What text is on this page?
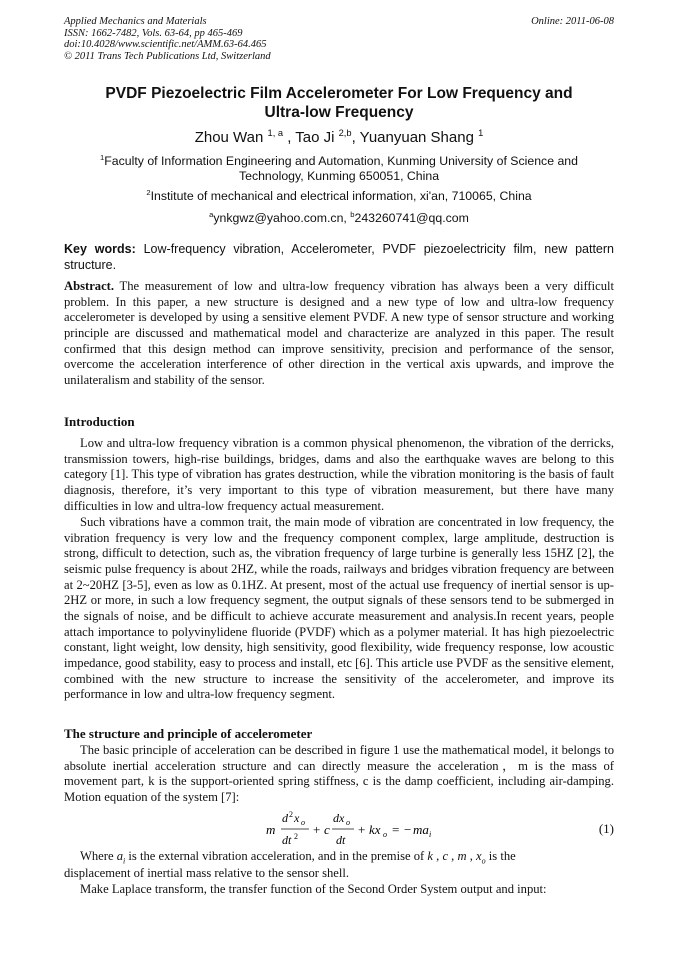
Applied Mechanics and Materials
ISSN: 1662-7482, Vols. 63-64, pp 465-469
doi:10.4028/www.scientific.net/AMM.63-64.465
© 2011 Trans Tech Publications Ltd, Switzerland
Online: 2011-06-08
PVDF Piezoelectric Film Accelerometer For Low Frequency and
Ultra-low Frequency
Zhou Wan $^{1, a}$ , Tao Ji $^{2,b}$, Yuanyuan Shang $^1$
$^1$Faculty of Information Engineering and Automation, Kunming University of Science and
Technology, Kunming 650051, China
$^2$Institute of mechanical and electrical information, xi'an, 710065, China
$^a$ynkgwz@yahoo.com.cn, $^b$243260741@qq.com
Key words: Low-frequency vibration, Accelerometer, PVDF piezoelectricity film, new pattern structure.
Abstract. The measurement of low and ultra-low frequency vibration has always been a very difficult problem. In this paper, a new structure is designed and a new type of low and ultra-low frequency accelerometer is developed by using a sensitive element PVDF. A new type of sensor structure and working principle are discussed and mathematical model and characterize are analyzed in this paper. The result confirmed that this design method can improve sensitivity, precision and performance of the sensor, overcome the acceleration interference of other direction in the vertical axis upwards, and improve the unilateralism and stability of the sensor.
Introduction
Low and ultra-low frequency vibration is a common physical phenomenon, the vibration of the derricks, transmission towers, high-rise buildings, bridges, dams and also the earthquake waves are belong to this category [1]. This type of vibration has grates destruction, while the vibration monitoring is the basis of fault diagnosis, therefore, it’s very important to this type of vibration measurement, but there have many difficulties in low and ultra-low frequency actual measurement.
Such vibrations have a common trait, the main mode of vibration are concentrated in low frequency, the vibration frequency is very low and the frequency component complex, large amplitude, destruction is strong, difficult to detection, such as, the vibration frequency of large turbine is generally less 15HZ [2], the seismic pulse frequency is about 2HZ, while the roads, railways and bridges vibration frequency are between at 2~20HZ [3-5], even as low as 0.1HZ. At present, most of the actual use frequency of inertial sensor is up-2HZ or more, in such a low frequency segment, the output signals of these sensors tend to be submerged in the signals of noise, and be difficult to achieve accurate measurement and analysis.In recent years, people attach importance to polyvinylidene fluoride (PVDF) which as a polymer material. It has high piezoelectric constant, light weight, low density, high sensitivity, good flexibility, wide frequency response, low acoustic impedance, good stability, easy to process and install, etc [6]. This article use PVDF as the sensitive element, combined with the new structure to increase the sensitivity of the accelerometer, and improve its performance in low and ultra-low frequency segment.
The structure and principle of accelerometer
The basic principle of acceleration can be described in figure 1 use the mathematical model, it belongs to absolute inertial acceleration structure and can directly measure the acceleration，m is the mass of movement part, k is the support-oriented spring stiffness, c is the damp coefficient, including air-damping. Motion equation of the system [7]:
m
d 2 x o
dt 2 + c
dx o
dt
+ kx o = − ma i	(1)
Where $a_i$ is the external vibration acceleration, and in the premise of k , c , m , $x_o$ is the
displacement of inertial mass relative to the sensor shell.
Make Laplace transform, the transfer function of the Second Order System output and input:
